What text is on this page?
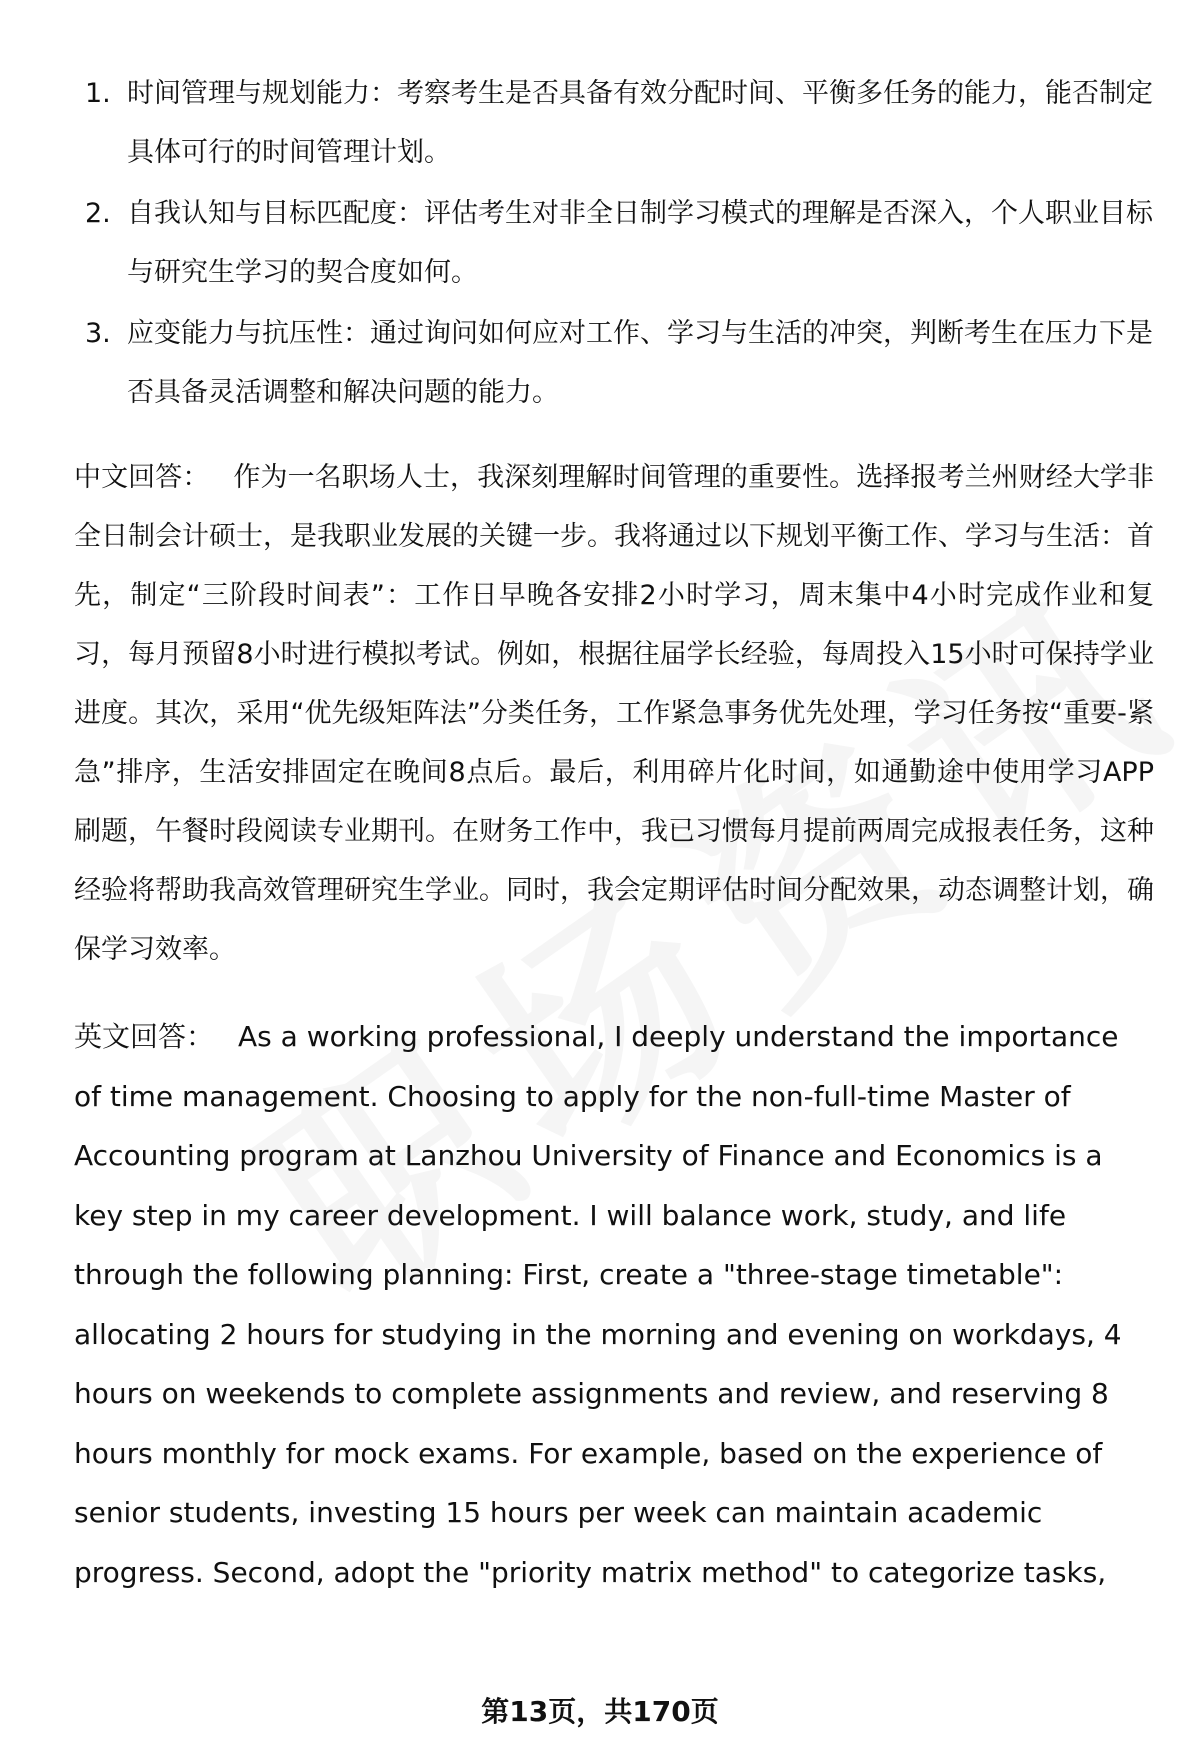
1. 时间管理与规划能力：考察考生是否具备有效分配时间、平衡多任务的能力，能否制定具体可行的时间管理计划。
2. 自我认知与目标匹配度：评估考生对非全日制学习模式的理解是否深入，个人职业目标与研究生学习的契合度如何。
3. 应变能力与抗压性：通过询问如何应对工作、学习与生活的冲突，判断考生在压力下是否具备灵活调整和解决问题的能力。

中文回答： 作为一名职场人士，我深刻理解时间管理的重要性。选择报考兰州财经大学非全日制会计硕士，是我职业发展的关键一步。我将通过以下规划平衡工作、学习与生活：首先，制定“三阶段时间表”：工作日早晚各安排2小时学习，周末集中4小时完成作业和复习，每月预留8小时进行模拟考试。例如，根据往届学长经验，每周投入15小时可保持学业进度。其次，采用“优先级矩阵法”分类任务，工作紧急事务优先处理，学习任务按“重要-紧急”排序，生活安排固定在晚间8点后。最后，利用碎片化时间，如通勤途中使用学习APP刷题，午餐时段阅读专业期刊。在财务工作中，我已习惯每月提前两周完成报表任务，这种经验将帮助我高效管理研究生学业。同时，我会定期评估时间分配效果，动态调整计划，确保学习效率。

英文回答： As a working professional, I deeply understand the importance of time management. Choosing to apply for the non-full-time Master of Accounting program at Lanzhou University of Finance and Economics is a key step in my career development. I will balance work, study, and life through the following planning: First, create a "three-stage timetable": allocating 2 hours for studying in the morning and evening on workdays, 4 hours on weekends to complete assignments and review, and reserving 8 hours monthly for mock exams. For example, based on the experience of senior students, investing 15 hours per week can maintain academic progress. Second, adopt the "priority matrix method" to categorize tasks,

第13页，共170页
